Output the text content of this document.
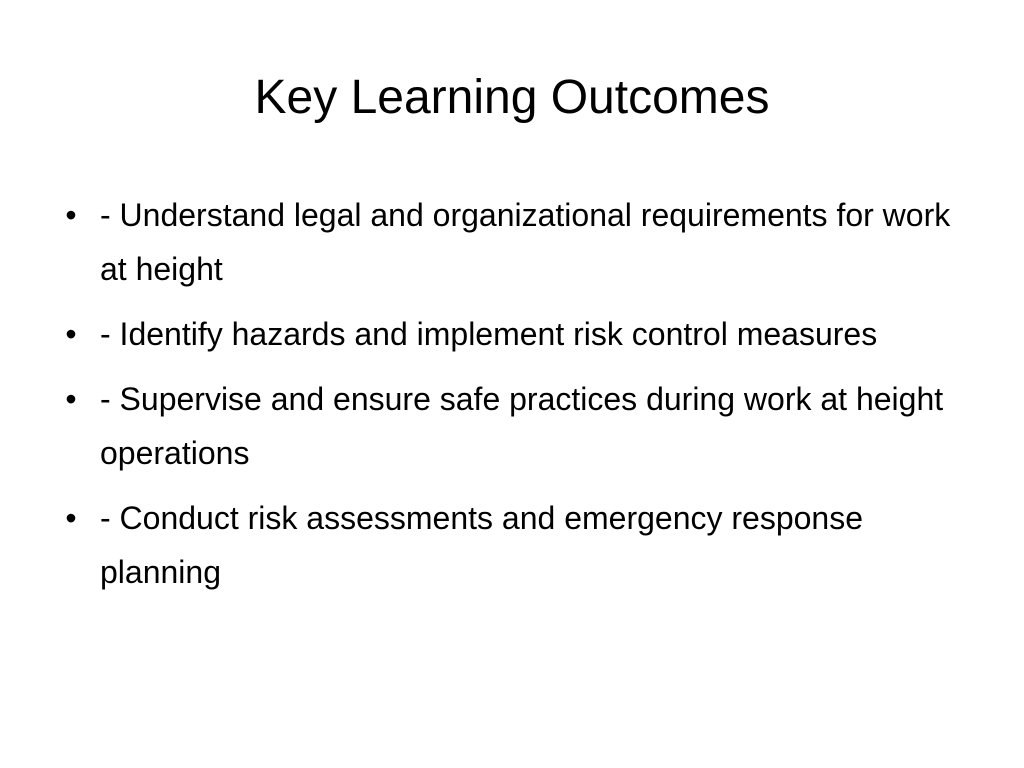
Key Learning Outcomes
• - Understand legal and organizational requirements for work at height
• - Identify hazards and implement risk control measures
• - Supervise and ensure safe practices during work at height operations
• - Conduct risk assessments and emergency response planning
